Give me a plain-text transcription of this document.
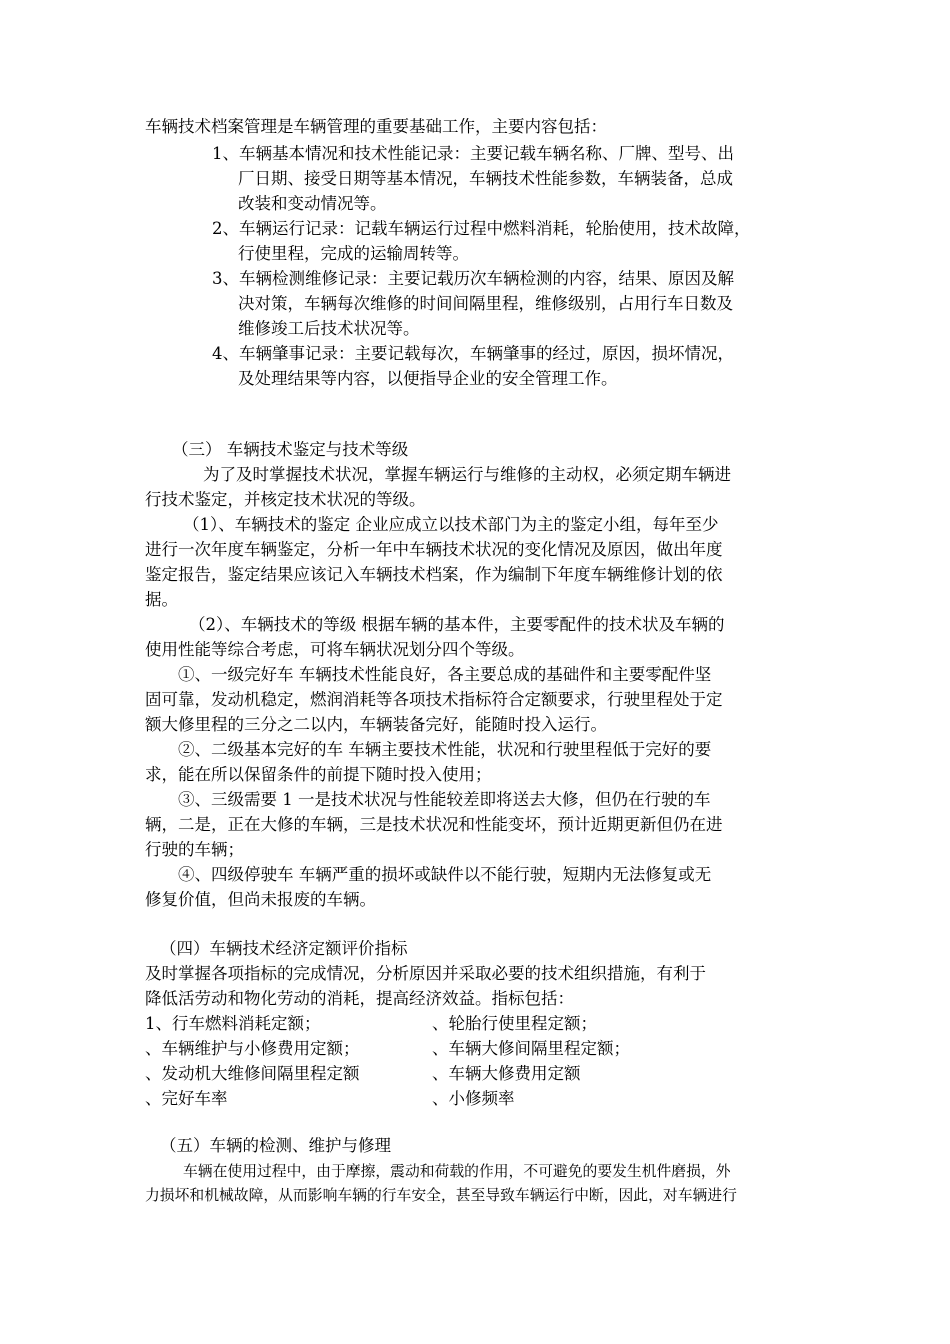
车辆技术档案管理是车辆管理的重要基础工作，主要内容包括：
1、车辆基本情况和技术性能记录：主要记载车辆名称、厂牌、型号、出
厂日期、接受日期等基本情况，车辆技术性能参数，车辆装备，总成
改装和变动情况等。
2、车辆运行记录：记载车辆运行过程中燃料消耗，轮胎使用，技术故障，
行使里程，完成的运输周转等。
3、车辆检测维修记录：主要记载历次车辆检测的内容，结果、原因及解
决对策，车辆每次维修的时间间隔里程，维修级别，占用行车日数及
维修竣工后技术状况等。
4、车辆肇事记录：主要记载每次，车辆肇事的经过，原因，损坏情况，
及处理结果等内容，以便指导企业的安全管理工作。
（三） 车辆技术鉴定与技术等级
为了及时掌握技术状况，掌握车辆运行与维修的主动权，必须定期车辆进
行技术鉴定，并核定技术状况的等级。
（1）、车辆技术的鉴定 企业应成立以技术部门为主的鉴定小组，每年至少
进行一次年度车辆鉴定，分析一年中车辆技术状况的变化情况及原因，做出年度
鉴定报告，鉴定结果应该记入车辆技术档案，作为编制下年度车辆维修计划的依
据。
（2）、车辆技术的等级 根据车辆的基本件，主要零配件的技术状及车辆的
使用性能等综合考虑，可将车辆状况划分四个等级。
①、一级完好车 车辆技术性能良好，各主要总成的基础件和主要零配件坚
固可靠，发动机稳定，燃润消耗等各项技术指标符合定额要求，行驶里程处于定
额大修里程的三分之二以内，车辆装备完好，能随时投入运行。
②、二级基本完好的车 车辆主要技术性能，状况和行驶里程低于完好的要
求，能在所以保留条件的前提下随时投入使用；
③、三级需要 1 一是技术状况与性能较差即将送去大修，但仍在行驶的车
辆，二是，正在大修的车辆，三是技术状况和性能变坏，预计近期更新但仍在进
行驶的车辆；
④、四级停驶车 车辆严重的损坏或缺件以不能行驶，短期内无法修复或无
修复价值，但尚未报废的车辆。
（四）车辆技术经济定额评价指标
及时掌握各项指标的完成情况，分析原因并采取必要的技术组织措施，有利于
降低活劳动和物化劳动的消耗，提高经济效益。指标包括：
1、行车燃料消耗定额；	、轮胎行使里程定额；
、车辆维护与小修费用定额；	、车辆大修间隔里程定额；
、发动机大维修间隔里程定额	、车辆大修费用定额
、完好车率	、小修频率
（五）车辆的检测、维护与修理
车辆在使用过程中，由于摩擦，震动和荷载的作用，不可避免的要发生机件磨损，外
力损坏和机械故障，从而影响车辆的行车安全，甚至导致车辆运行中断，因此，对车辆进行
